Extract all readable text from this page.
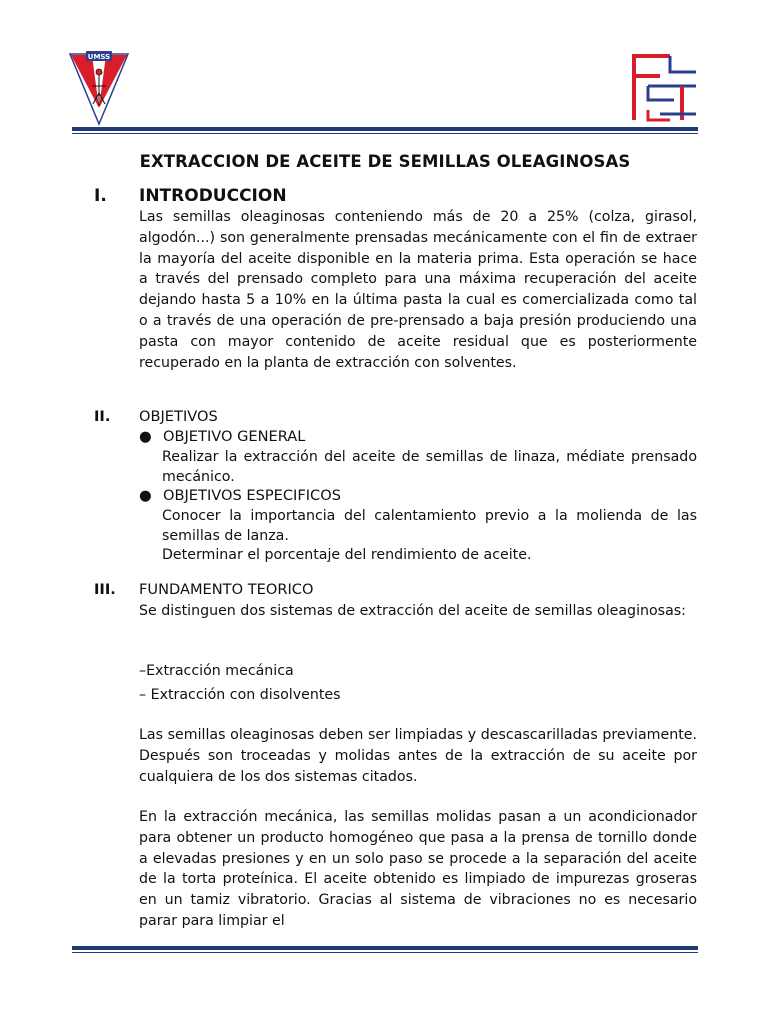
UMSS
EXTRACCION DE ACEITE DE SEMILLAS OLEAGINOSAS
I. INTRODUCCION
Las semillas oleaginosas conteniendo más de 20 a 25% (colza, girasol, algodón...) son generalmente prensadas mecánicamente con el fin de extraer la mayoría del aceite disponible en la materia prima. Esta operación se hace a través del prensado completo para una máxima recuperación del aceite dejando hasta 5 a 10% en la última pasta la cual es comercializada como tal o a través de una operación de pre-prensado a baja presión produciendo una pasta con mayor contenido de aceite residual que es posteriormente recuperado en la planta de extracción con solventes.
II. OBJETIVOS
● OBJETIVO GENERAL
Realizar la extracción del aceite de semillas de linaza, médiate prensado mecánico.
● OBJETIVOS ESPECIFICOS
Conocer la importancia del calentamiento previo a la molienda de las semillas de lanza.
Determinar el porcentaje del rendimiento de aceite.
III. FUNDAMENTO TEORICO
Se distinguen dos sistemas de extracción del aceite de semillas oleaginosas:
–Extracción mecánica
– Extracción con disolventes
Las semillas oleaginosas deben ser limpiadas y descascarilladas previamente. Después son troceadas y molidas antes de la extracción de su aceite por cualquiera de los dos sistemas citados.
En la extracción mecánica, las semillas molidas pasan a un acondicionador para obtener un producto homogéneo que pasa a la prensa de tornillo donde a elevadas presiones y en un solo paso se procede a la separación del aceite de la torta proteínica. El aceite obtenido es limpiado de impurezas groseras en un tamiz vibratorio. Gracias al sistema de vibraciones no es necesario parar para limpiar el
